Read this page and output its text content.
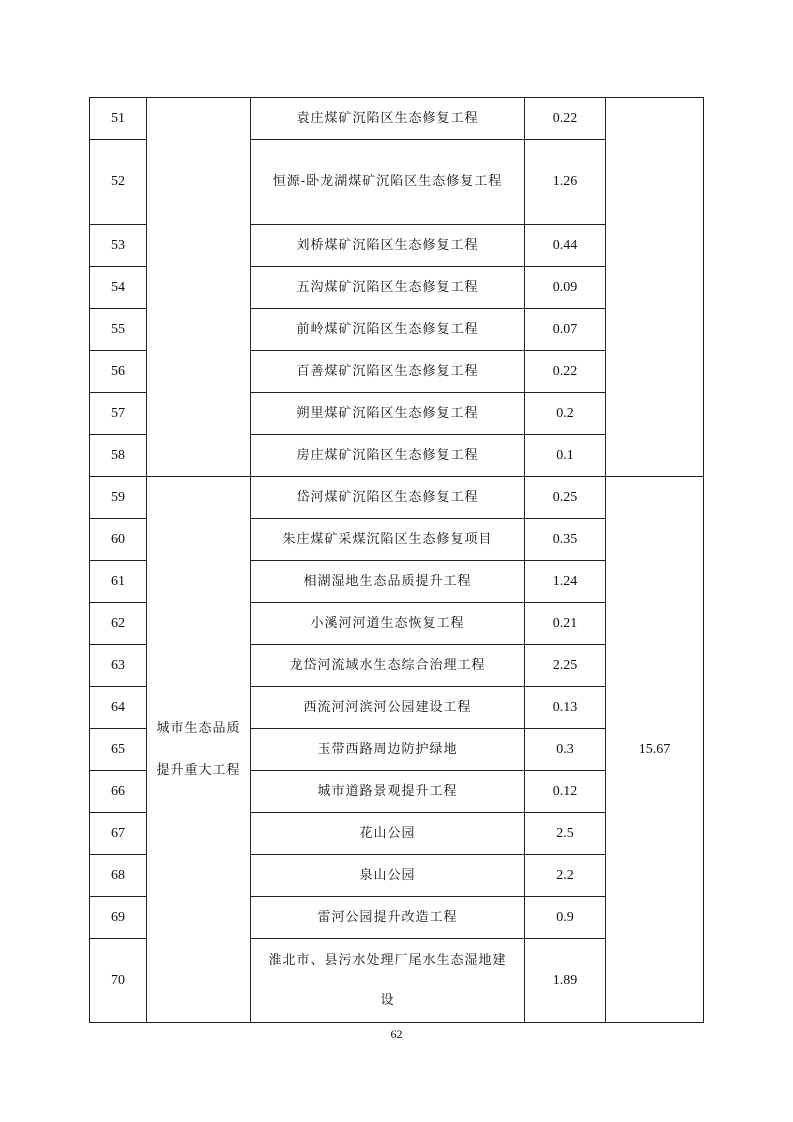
51		袁庄煤矿沉陷区生态修复工程	0.22	
52		恒源-卧龙湖煤矿沉陷区生态修复工程	1.26	
53		刘桥煤矿沉陷区生态修复工程	0.44	
54		五沟煤矿沉陷区生态修复工程	0.09	
55		前岭煤矿沉陷区生态修复工程	0.07	
56		百善煤矿沉陷区生态修复工程	0.22	
57		朔里煤矿沉陷区生态修复工程	0.2	
58		房庄煤矿沉陷区生态修复工程	0.1	
59	城市生态品质提升重大工程	岱河煤矿沉陷区生态修复工程	0.25	15.67
60		朱庄煤矿采煤沉陷区生态修复项目	0.35	
61		相湖湿地生态品质提升工程	1.24	
62		小溪河河道生态恢复工程	0.21	
63		龙岱河流域水生态综合治理工程	2.25	
64		西流河河滨河公园建设工程	0.13	
65		玉带西路周边防护绿地	0.3	
66		城市道路景观提升工程	0.12	
67		花山公园	2.5	
68		泉山公园	2.2	
69		雷河公园提升改造工程	0.9	
70		淮北市、县污水处理厂尾水生态湿地建设	1.89	
62
